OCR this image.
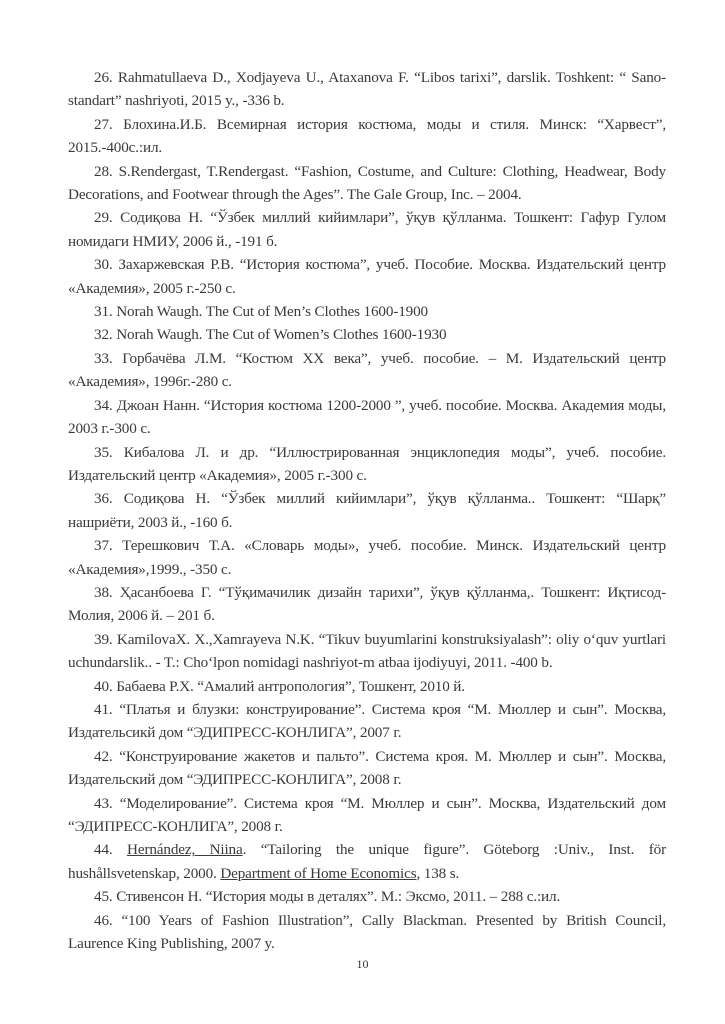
26. Rahmatullaeva D., Xodjayeva U., Ataxanova F. “Libos tarixi”, darslik. Toshkent: “ Sano- standart” nashriyoti, 2015 y., -336 b.

27. Блохина.И.Б. Всемирная история костюма, моды и стиля. Минск: “Харвест”, 2015.-400с.:ил.

28. S.Rendergast, T.Rendergast. “Fashion, Costume, and Culture: Clothing, Headwear, Body Decorations, and Footwear through the Ages”. The Gale Group, Inc. – 2004.

29. Содиқова Н. “Ўзбек миллий кийимлари”, ўқув қўлланма. Тошкент: Гафур Гулом номидаги НМИУ, 2006 й., -191 б.

30. Захаржевская Р.В. “История костюма”, учеб. Пособие. Москва. Издательский центр «Академия», 2005 г.-250 с.

31. Norah Waugh. The Cut of Men’s Clothes 1600-1900

32. Norah Waugh. The Cut of Women’s Clothes 1600-1930

33. Горбачёва Л.М. “Костюм XX века”, учеб. пособие. – М. Издательский центр «Академия», 1996г.-280 с.

34. Джоан Нанн. “История костюма 1200-2000 ”, учеб. пособие. Москва. Академия моды, 2003 г.-300 с.

35. Кибалова Л. и др. “Иллюстрированная энциклопедия моды”, учеб. пособие. Издательский центр «Академия», 2005 г.-300 с.

36. Содиқова Н. “Ўзбек миллий кийимлари”, ўқув қўлланма.. Тошкент: “Шарқ” нашриёти, 2003 й., -160 б.

37. Терешкович Т.А. «Словарь моды», учеб. пособие. Минск. Издательский центр «Академия»,1999., -350 с.

38. Ҳасанбоева Г. “Тўқимачилик дизайн тарихи”, ўқув қўлланма,. Тошкент: Иқтисод-Молия, 2006 й. – 201 б.

39. KamilovaX. X.,Xamrayeva N.K. “Tikuv buyumlarini konstruksiyalash”: oliy o‘quv yurtlari uchundarslik.. - T.: Cho‘lpon nomidagi nashriyot-m atbaa ijodiyuyi, 2011. -400 b.

40. Бабаева Р.Х. “Амалий антропология”, Тошкент, 2010 й.

41. “Платья и блузки: конструирование”. Система кроя “М. Мюллер и сын”. Москва, Издательсикй дом “ЭДИПРЕСС-КОНЛИГА”, 2007 г.

42. “Конструирование жакетов и пальто”. Система кроя. М. Мюллер и сын”. Москва, Издательский дом “ЭДИПРЕСС-КОНЛИГА”, 2008 г.

43. “Моделирование”. Система кроя “М. Мюллер и сын”. Москва, Издательский дом “ЭДИПРЕСС-КОНЛИГА”, 2008 г.

44. Hernández, Niina. “Tailoring the unique figure”. Göteborg :Univ., Inst. för hushållsvetenskap, 2000. Department of Home Economics, 138 s.

45. Стивенсон Н. “История моды в деталях”. М.: Эксмо, 2011. – 288 с.:ил.

46. “100 Years of Fashion Illustration”, Cally Blackman. Presented by British Council, Laurence King Publishing, 2007 y.

10
